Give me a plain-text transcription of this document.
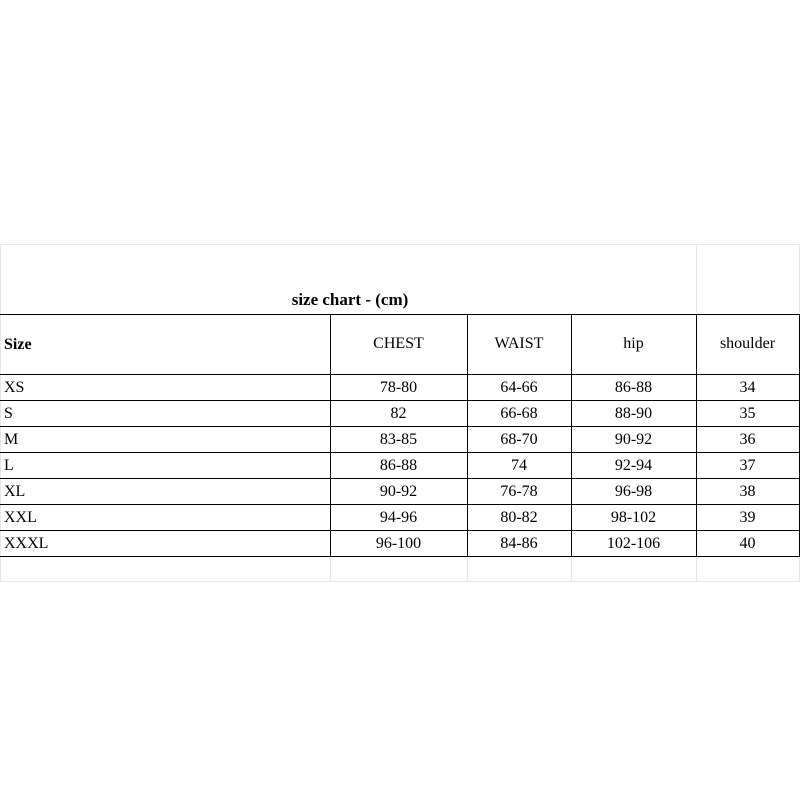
size chart - (cm)
Size	CHEST	WAIST	hip	shoulder
XS	78-80	64-66	86-88	34
S	82	66-68	88-90	35
M	83-85	68-70	90-92	36
L	86-88	74	92-94	37
XL	90-92	76-78	96-98	38
XXL	94-96	80-82	98-102	39
XXXL	96-100	84-86	102-106	40
